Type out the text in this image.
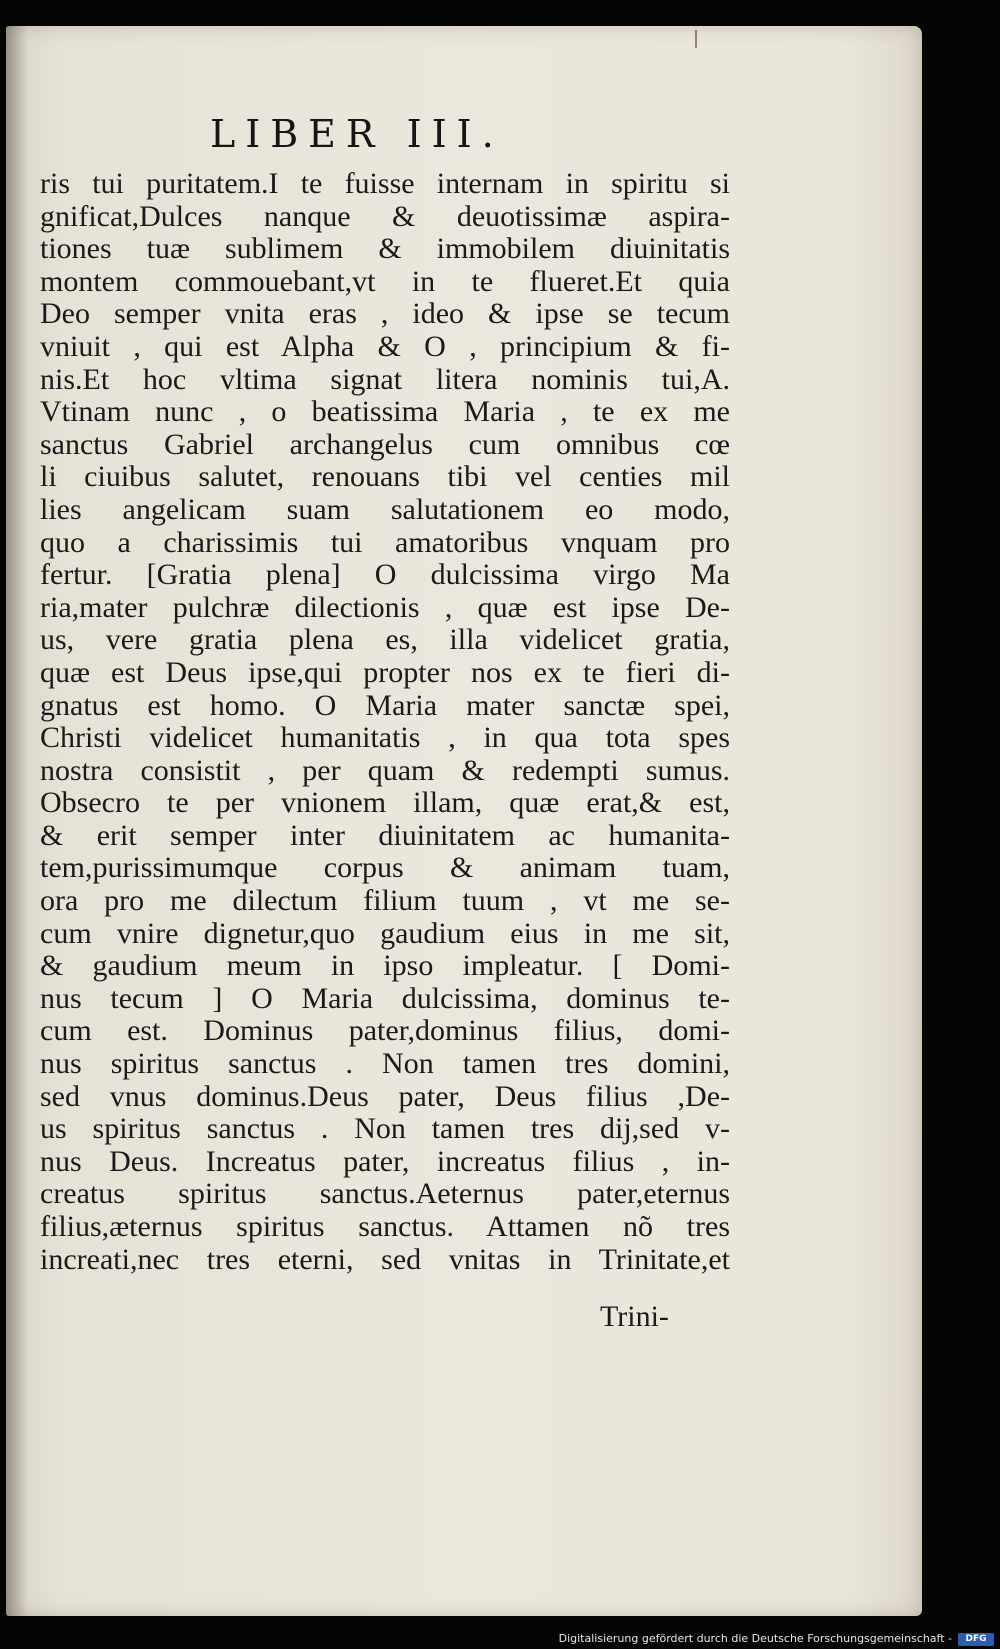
LIBER III.
ris tui puritatem.I te fuisse internam in spiritu si
gnificat,Dulces nanque & deuotissimæ aspira-
tiones tuæ sublimem & immobilem diuinitatis
montem commouebant,vt in te flueret.Et quia
Deo semper vnita eras , ideo & ipse se tecum
vniuit , qui est Alpha & O , principium & fi-
nis.Et hoc vltima signat litera nominis tui,A.
Vtinam nunc , o beatissima Maria , te ex me
sanctus Gabriel archangelus cum omnibus cœ
li ciuibus salutet, renouans tibi vel centies mil
lies angelicam suam salutationem eo modo,
quo a charissimis tui amatoribus vnquam pro
fertur. [Gratia plena] O dulcissima virgo Ma
ria,mater pulchræ dilectionis , quæ est ipse De-
us, vere gratia plena es, illa videlicet gratia,
quæ est Deus ipse,qui propter nos ex te fieri di-
gnatus est homo. O Maria mater sanctæ spei,
Christi videlicet humanitatis , in qua tota spes
nostra consistit , per quam & redempti sumus.
Obsecro te per vnionem illam, quæ erat,& est,
& erit semper inter diuinitatem ac humanita-
tem,purissimumque corpus & animam tuam,
ora pro me dilectum filium tuum , vt me se-
cum vnire dignetur,quo gaudium eius in me sit,
& gaudium meum in ipso impleatur. [ Domi-
nus tecum ] O Maria dulcissima, dominus te-
cum est. Dominus pater,dominus filius, domi-
nus spiritus sanctus . Non tamen tres domini,
sed vnus dominus.Deus pater, Deus filius ,De-
us spiritus sanctus . Non tamen tres dij,sed v-
nus Deus. Increatus pater, increatus filius , in-
creatus spiritus sanctus.Aeternus pater,eternus
filius,æternus spiritus sanctus. Attamen nõ tres
increati,nec tres eterni, sed vnitas in Trinitate,et
Trini-
Digitalisierung gefördert durch die Deutsche Forschungsgemeinschaft -	DFG
